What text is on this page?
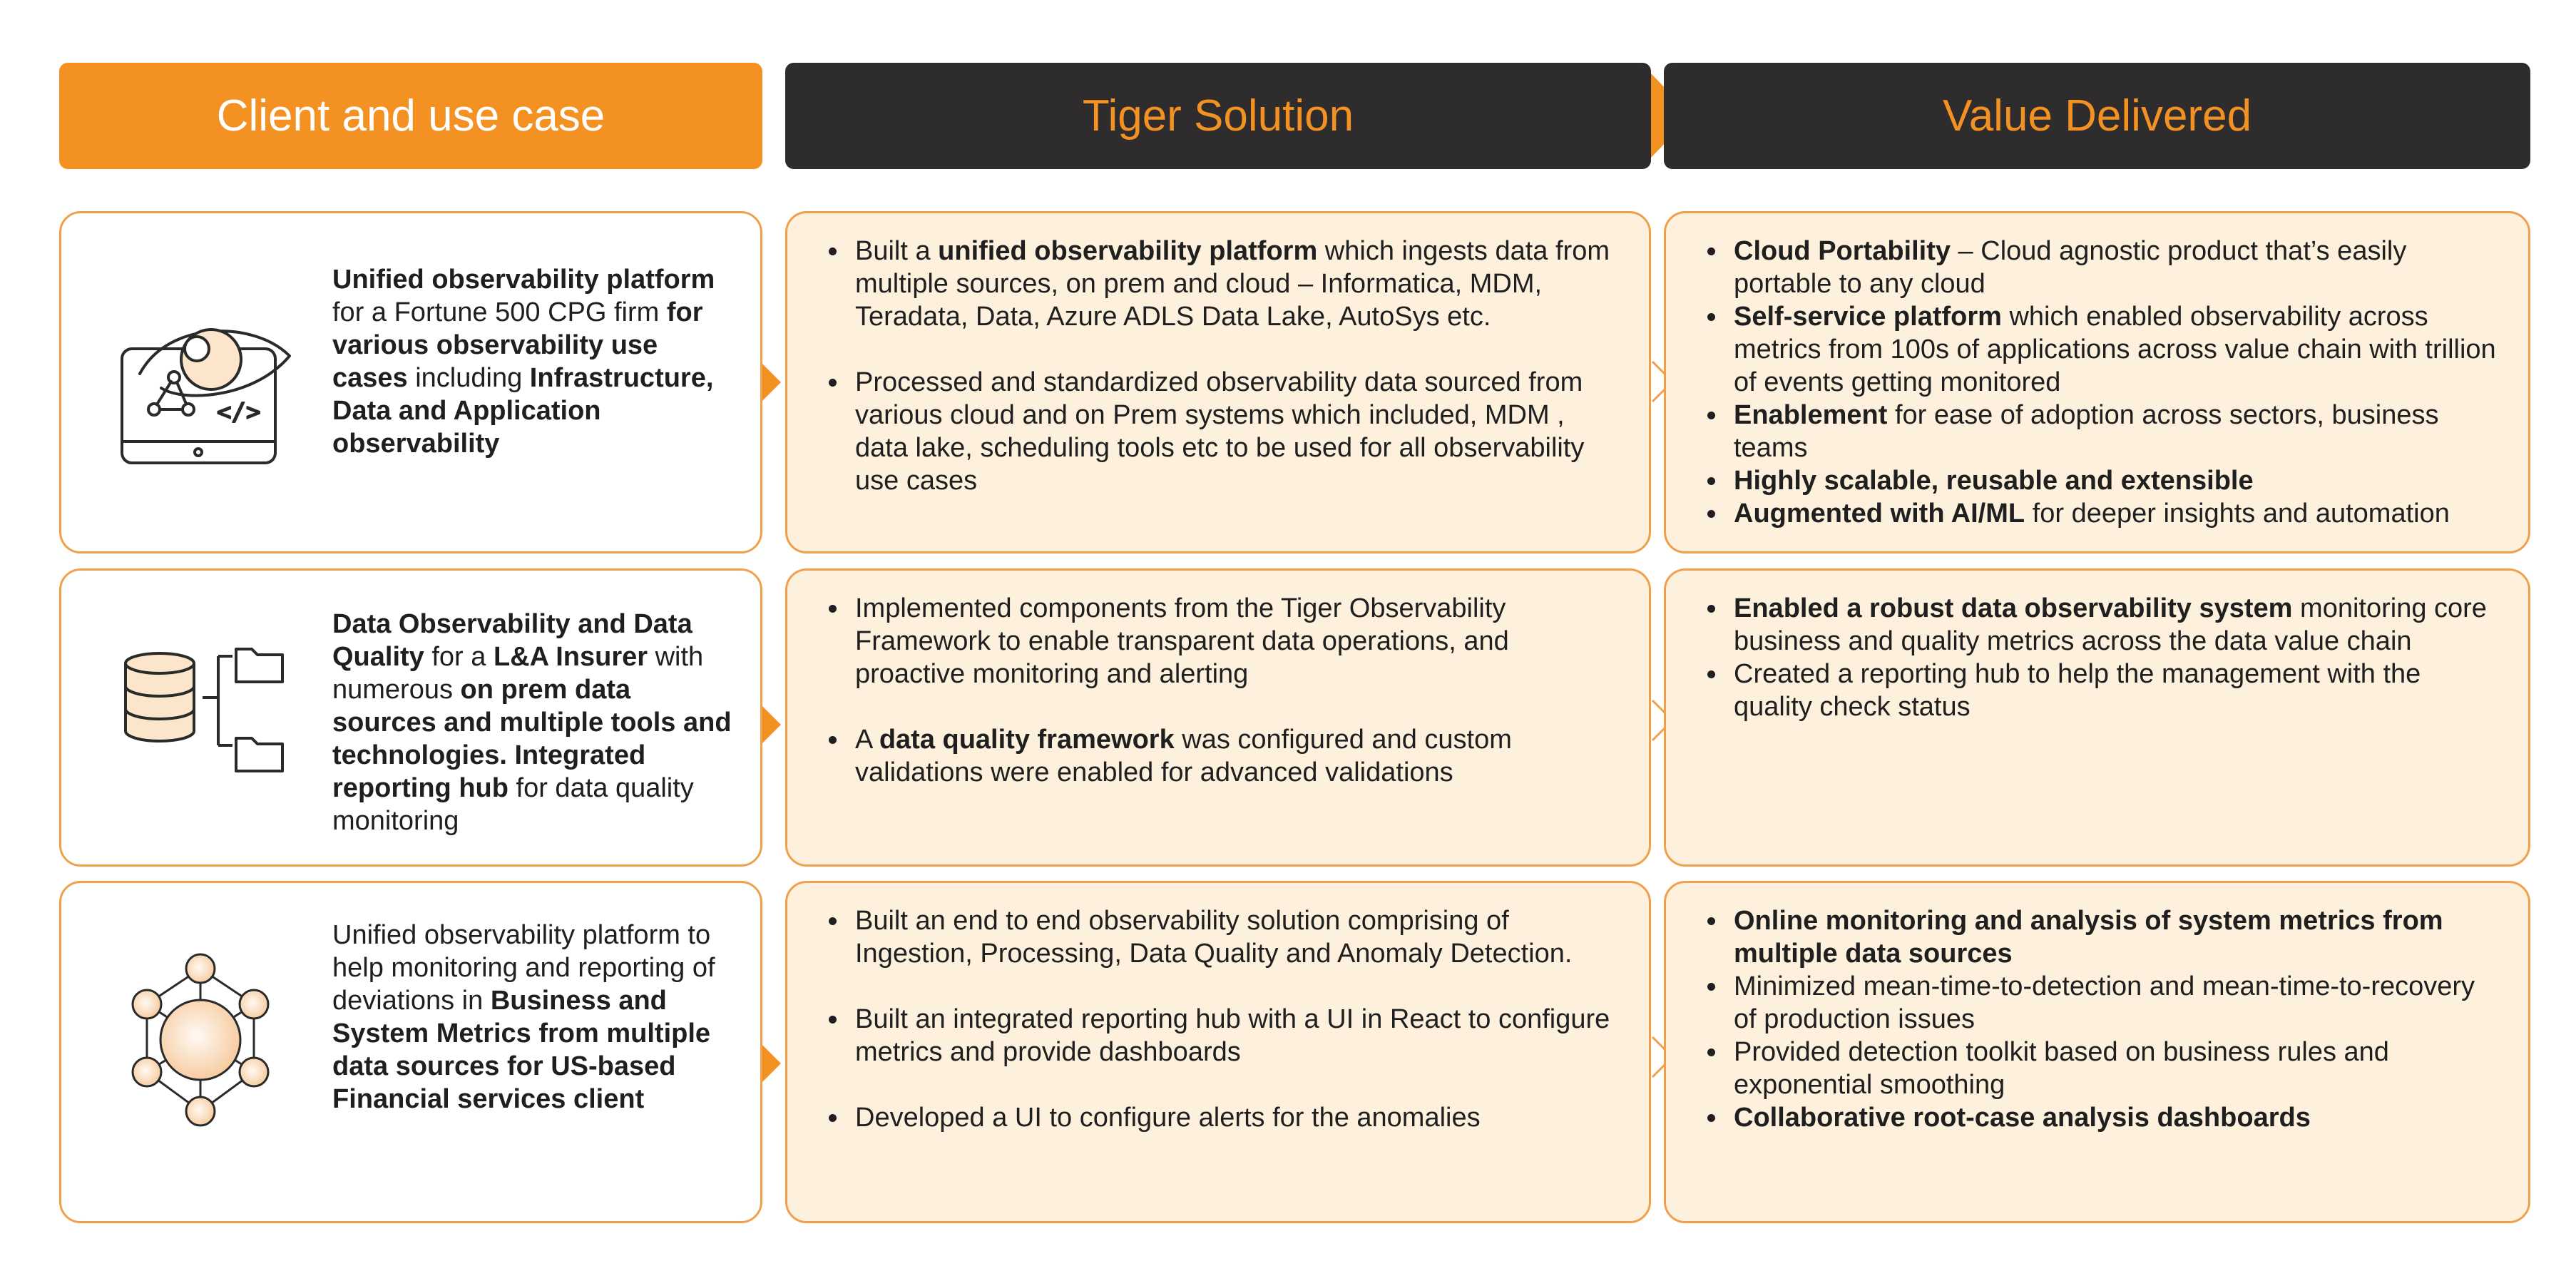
Client and use case	Tiger Solution	Value Delivered
</>
Unified observability platform for a Fortune 500 CPG firm for various observability use cases including Infrastructure, Data and Application observability
• Built a unified observability platform which ingests data from multiple sources, on prem and cloud – Informatica, MDM, Teradata, Data, Azure ADLS Data Lake, AutoSys etc.
• Processed and standardized observability data sourced from various cloud and on Prem systems which included, MDM , data lake, scheduling tools etc to be used for all observability use cases
• Cloud Portability – Cloud agnostic product that’s easily portable to any cloud
• Self-service platform which enabled observability across metrics from 100s of applications across value chain with trillion of events getting monitored
• Enablement for ease of adoption across sectors, business teams
• Highly scalable, reusable and extensible
• Augmented with AI/ML for deeper insights and automation
Data Observability and Data Quality for a L&A Insurer with numerous on prem data sources and multiple tools and technologies. Integrated reporting hub for data quality monitoring
• Implemented components from the Tiger Observability Framework to enable transparent data operations, and proactive monitoring and alerting
• A data quality framework was configured and custom validations were enabled for advanced validations
• Enabled a robust data observability system monitoring core business and quality metrics across the data value chain
• Created a reporting hub to help the management with the quality check status
Unified observability platform to help monitoring and reporting of deviations in Business and System Metrics from multiple data sources for US-based Financial services client
• Built an end to end observability solution comprising of Ingestion, Processing, Data Quality and Anomaly Detection.
• Built an integrated reporting hub with a UI in React to configure metrics and provide dashboards
• Developed a UI to configure alerts for the anomalies
• Online monitoring and analysis of system metrics from multiple data sources
• Minimized mean-time-to-detection and mean-time-to-recovery of production issues
• Provided detection toolkit based on business rules and exponential smoothing
• Collaborative root-case analysis dashboards
